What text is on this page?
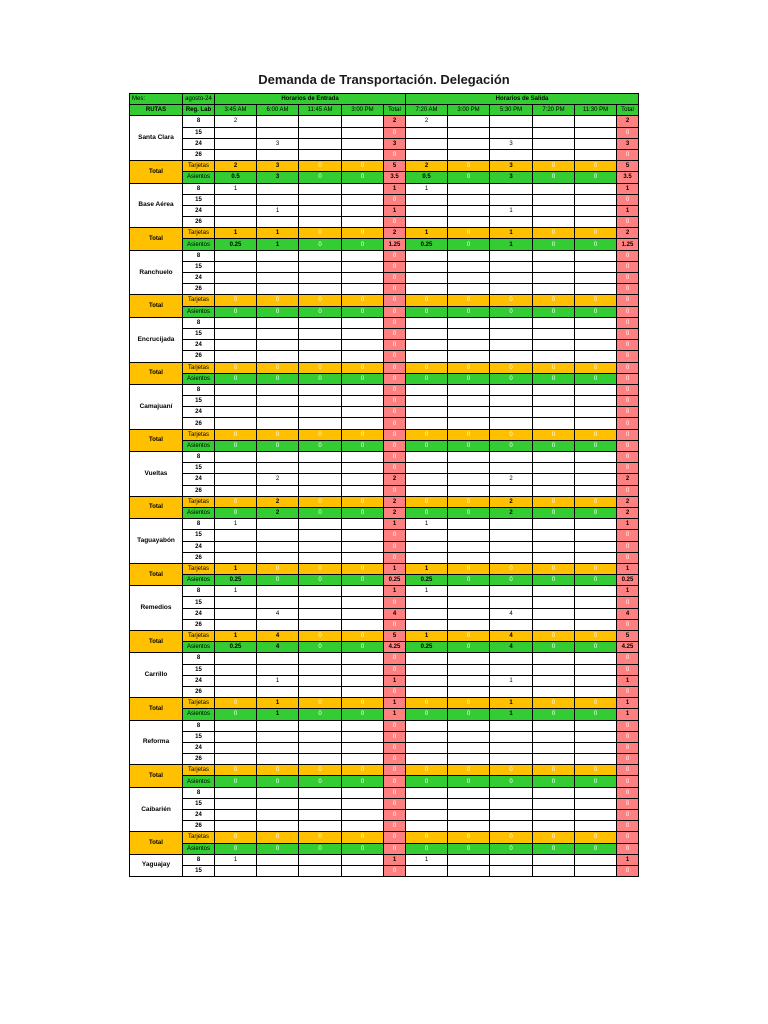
Demanda de Transportación. Delegación
Mes:	agosto-24	Horarios de Entrada					Horarios de Salida					
RUTAS	Reg. Lab	3:45 AM	6:00 AM	11:45 AM	3:00 PM	Total	7:20 AM	3:00 PM	5:30 PM	7:20 PM	11:30 PM	Total
Santa Clara	8	2				2	2					2
	15					0						0
	24		3			3			3			3
	26					0						0
Total	Tarjetas	2	3	0	0	5	2	0	3	0	0	5
	Asientos	0.5	3	0	0	3.5	0.5	0	3	0	0	3.5
Base Aérea	8	1				1	1					1
	15					0						0
	24		1			1			1			1
	26					0						0
Total	Tarjetas	1	1	0	0	2	1	0	1	0	0	2
	Asientos	0.25	1	0	0	1.25	0.25	0	1	0	0	1.25
Ranchuelo	8					0						0
	15					0						0
	24					0						0
	26					0						0
Total	Tarjetas	0	0	0	0	0	0	0	0	0	0	0
	Asientos	0	0	0	0	0	0	0	0	0	0	0
Encrucijada	8					0						0
	15					0						0
	24					0						0
	26					0						0
Total	Tarjetas	0	0	0	0	0	0	0	0	0	0	0
	Asientos	0	0	0	0	0	0	0	0	0	0	0
Camajuaní	8					0						0
	15					0						0
	24					0						0
	26					0						0
Total	Tarjetas	0	0	0	0	0	0	0	0	0	0	0
	Asientos	0	0	0	0	0	0	0	0	0	0	0
Vueltas	8					0						0
	15					0						0
	24		2			2			2			2
	26					0						0
Total	Tarjetas	0	2	0	0	2	0	0	2	0	0	2
	Asientos	0	2	0	0	2	0	0	2	0	0	2
Taguayabón	8	1				1	1					1
	15					0						0
	24					0						0
	26					0						0
Total	Tarjetas	1	0	0	0	1	1	0	0	0	0	1
	Asientos	0.25	0	0	0	0.25	0.25	0	0	0	0	0.25
Remedios	8	1				1	1					1
	15					0						0
	24		4			4			4			4
	26					0						0
Total	Tarjetas	1	4	0	0	5	1	0	4	0	0	5
	Asientos	0.25	4	0	0	4.25	0.25	0	4	0	0	4.25
Carrillo	8					0						0
	15					0						0
	24		1			1			1			1
	26					0						0
Total	Tarjetas	0	1	0	0	1	0	0	1	0	0	1
	Asientos	0	1	0	0	1	0	0	1	0	0	1
Reforma	8					0						0
	15					0						0
	24					0						0
	26					0						0
Total	Tarjetas	0	0	0	0	0	0	0	0	0	0	0
	Asientos	0	0	0	0	0	0	0	0	0	0	0
Caibarién	8					0						0
	15					0						0
	24					0						0
	26					0						0
Total	Tarjetas	0	0	0	0	0	0	0	0	0	0	0
	Asientos	0	0	0	0	0	0	0	0	0	0	0
Yaguajay	8	1				1	1					1
	15					0						0
